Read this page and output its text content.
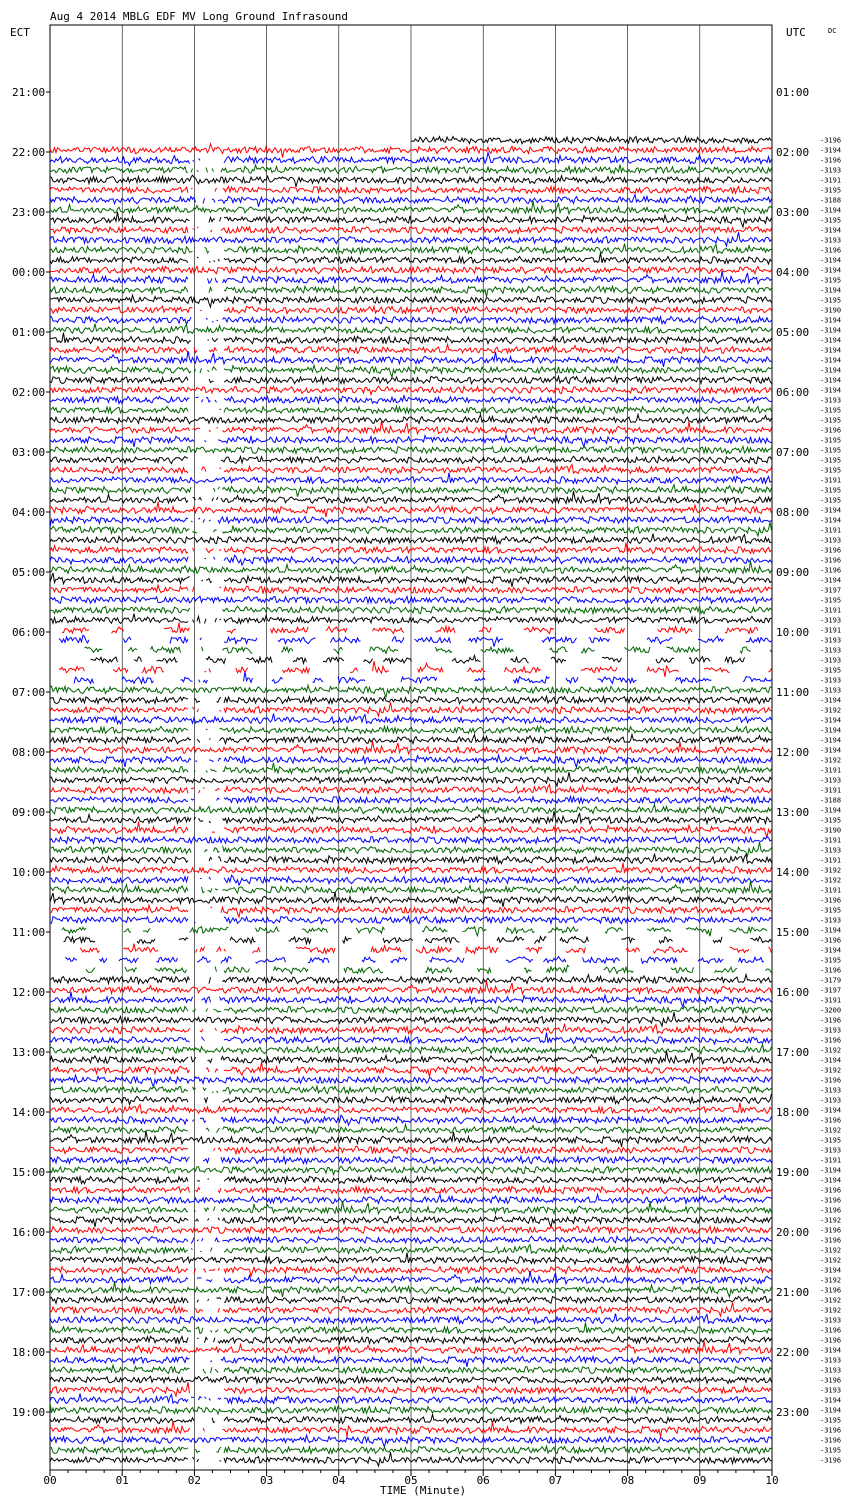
Aug 4 2014 MBLG EDF MV Long Ground Infrasound
ECT	UTC	DC
TIME (Minute)
00	01	02	03	04	05	06	07	08	09	10
21:00
22:00
23:00
00:00
01:00
02:00
03:00
04:00
05:00
06:00
07:00
08:00
09:00
10:00
11:00
12:00
13:00
14:00
15:00
16:00
17:00
18:00
19:00
01:00
02:00
03:00
04:00
05:00
06:00
07:00
08:00
09:00
10:00
11:00
12:00
13:00
14:00
15:00
16:00
17:00
18:00
19:00
20:00
21:00
22:00
23:00
-3196
-3194
-3196
-3193
-3191
-3195
-3188
-3194
-3195
-3194
-3193
-3196
-3194
-3194
-3195
-3194
-3195
-3190
-3194
-3194
-3194
-3194
-3194
-3194
-3194
-3194
-3193
-3195
-3195
-3196
-3195
-3195
-3195
-3195
-3191
-3195
-3195
-3194
-3194
-3191
-3193
-3196
-3196
-3196
-3194
-3197
-3195
-3191
-3193
-3191
-3193
-3193
-3193
-3195
-3193
-3193
-3194
-3192
-3194
-3194
-3194
-3194
-3192
-3191
-3193
-3191
-3188
-3194
-3195
-3190
-3191
-3193
-3191
-3192
-3192
-3191
-3196
-3195
-3193
-3194
-3196
-3194
-3195
-3196
-3179
-3197
-3191
-3200
-3196
-3193
-3196
-3192
-3194
-3192
-3196
-3193
-3193
-3194
-3196
-3192
-3195
-3193
-3191
-3194
-3194
-3196
-3196
-3196
-3192
-3196
-3196
-3192
-3192
-3194
-3192
-3196
-3192
-3192
-3193
-3196
-3196
-3194
-3193
-3193
-3196
-3193
-3194
-3194
-3195
-3196
-3196
-3195
-3196
